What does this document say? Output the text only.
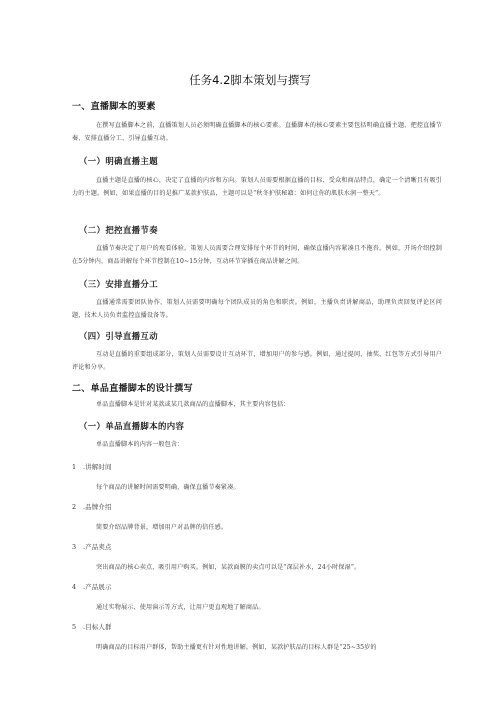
任务4.2脚本策划与撰写
一、直播脚本的要素

在撰写直播脚本之前，直播策划人员必须明确直播脚本的核心要素。直播脚本的核心要素主要包括明确直播主题、把控直播节奏、安排直播分工、引导直播互动。

（一）明确直播主题

直播主题是直播的核心，决定了直播的内容和方向。策划人员需要根据直播的目标、受众和商品特点，确定一个清晰且有吸引力的主题。例如，如果直播的目的是推广某款护肤品，主题可以是“秋冬护肤秘籍：如何让你的肌肤水润一整天”。

（二）把控直播节奏

直播节奏决定了用户的观看体验。策划人员需要合理安排每个环节的时间，确保直播内容紧凑且不拖沓。例如，开场介绍控制在5分钟内，商品讲解每个环节控制在10~15分钟，互动环节穿插在商品讲解之间。

（三）安排直播分工

直播通常需要团队协作，策划人员需要明确每个团队成员的角色和职责。例如，主播负责讲解商品，助理负责回复评论区问题，技术人员负责监控直播设备等。

（四）引导直播互动

互动是直播的重要组成部分，策划人员需要设计互动环节，增加用户的参与感。例如，通过提问、抽奖、红包等方式引导用户评论和分享。

二、单品直播脚本的设计撰写

单品直播脚本是针对某款或某几款商品的直播脚本，其主要内容包括：

（一）单品直播脚本的内容

单品直播脚本的内容一般包含：

1 .讲解时间

每个商品的讲解时间需要明确，确保直播节奏紧凑。

2 .品牌介绍

简要介绍品牌背景，增加用户对品牌的信任感。

3 .产品卖点

突出商品的核心卖点，吸引用户购买。例如，某款面膜的卖点可以是“深层补水，24小时保湿”。

4 .产品展示

通过实物展示、使用演示等方式，让用户更直观地了解商品。

5 .目标人群

明确商品的目标用户群体，帮助主播更有针对性地讲解。例如，某款护肤品的目标人群是“25~35岁的
